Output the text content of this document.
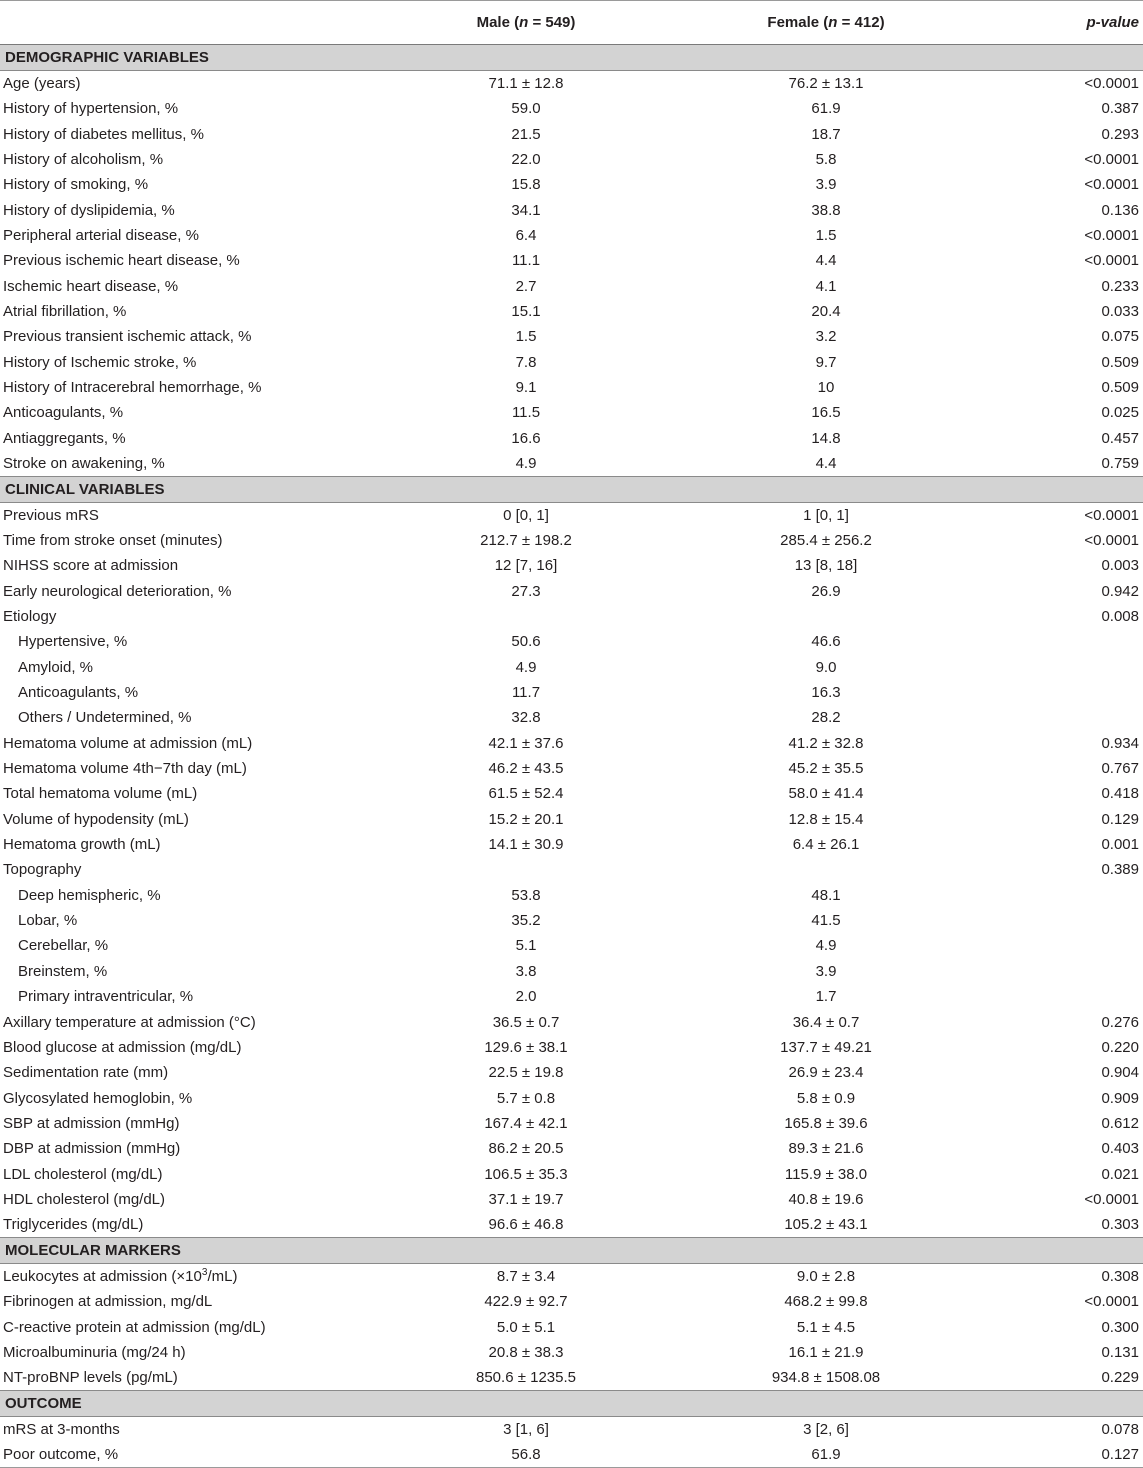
	Male (n = 549)	Female (n = 412)	p-value
DEMOGRAPHIC VARIABLES			
Age (years)	71.1 ± 12.8	76.2 ± 13.1	<0.0001
History of hypertension, %	59.0	61.9	0.387
History of diabetes mellitus, %	21.5	18.7	0.293
History of alcoholism, %	22.0	5.8	<0.0001
History of smoking, %	15.8	3.9	<0.0001
History of dyslipidemia, %	34.1	38.8	0.136
Peripheral arterial disease, %	6.4	1.5	<0.0001
Previous ischemic heart disease, %	11.1	4.4	<0.0001
Ischemic heart disease, %	2.7	4.1	0.233
Atrial fibrillation, %	15.1	20.4	0.033
Previous transient ischemic attack, %	1.5	3.2	0.075
History of Ischemic stroke, %	7.8	9.7	0.509
History of Intracerebral hemorrhage, %	9.1	10	0.509
Anticoagulants, %	11.5	16.5	0.025
Antiaggregants, %	16.6	14.8	0.457
Stroke on awakening, %	4.9	4.4	0.759
CLINICAL VARIABLES			
Previous mRS	0 [0, 1]	1 [0, 1]	<0.0001
Time from stroke onset (minutes)	212.7 ± 198.2	285.4 ± 256.2	<0.0001
NIHSS score at admission	12 [7, 16]	13 [8, 18]	0.003
Early neurological deterioration, %	27.3	26.9	0.942
Etiology			0.008
Hypertensive, %	50.6	46.6	
Amyloid, %	4.9	9.0	
Anticoagulants, %	11.7	16.3	
Others / Undetermined, %	32.8	28.2	
Hematoma volume at admission (mL)	42.1 ± 37.6	41.2 ± 32.8	0.934
Hematoma volume 4th−7th day (mL)	46.2 ± 43.5	45.2 ± 35.5	0.767
Total hematoma volume (mL)	61.5 ± 52.4	58.0 ± 41.4	0.418
Volume of hypodensity (mL)	15.2 ± 20.1	12.8 ± 15.4	0.129
Hematoma growth (mL)	14.1 ± 30.9	6.4 ± 26.1	0.001
Topography			0.389
Deep hemispheric, %	53.8	48.1	
Lobar, %	35.2	41.5	
Cerebellar, %	5.1	4.9	
Breinstem, %	3.8	3.9	
Primary intraventricular, %	2.0	1.7	
Axillary temperature at admission (°C)	36.5 ± 0.7	36.4 ± 0.7	0.276
Blood glucose at admission (mg/dL)	129.6 ± 38.1	137.7 ± 49.21	0.220
Sedimentation rate (mm)	22.5 ± 19.8	26.9 ± 23.4	0.904
Glycosylated hemoglobin, %	5.7 ± 0.8	5.8 ± 0.9	0.909
SBP at admission (mmHg)	167.4 ± 42.1	165.8 ± 39.6	0.612
DBP at admission (mmHg)	86.2 ± 20.5	89.3 ± 21.6	0.403
LDL cholesterol (mg/dL)	106.5 ± 35.3	115.9 ± 38.0	0.021
HDL cholesterol (mg/dL)	37.1 ± 19.7	40.8 ± 19.6	<0.0001
Triglycerides (mg/dL)	96.6 ± 46.8	105.2 ± 43.1	0.303
MOLECULAR MARKERS			
Leukocytes at admission $(\times 10^3/mL)$	8.7 ± 3.4	9.0 ± 2.8	0.308
Fibrinogen at admission, mg/dL	422.9 ± 92.7	468.2 ± 99.8	<0.0001
C-reactive protein at admission (mg/dL)	5.0 ± 5.1	5.1 ± 4.5	0.300
Microalbuminuria (mg/24 h)	20.8 ± 38.3	16.1 ± 21.9	0.131
NT-proBNP levels (pg/mL)	850.6 ± 1235.5	934.8 ± 1508.08	0.229
OUTCOME			
mRS at 3-months	3 [1, 6]	3 [2, 6]	0.078
Poor outcome, %	56.8	61.9	0.127
